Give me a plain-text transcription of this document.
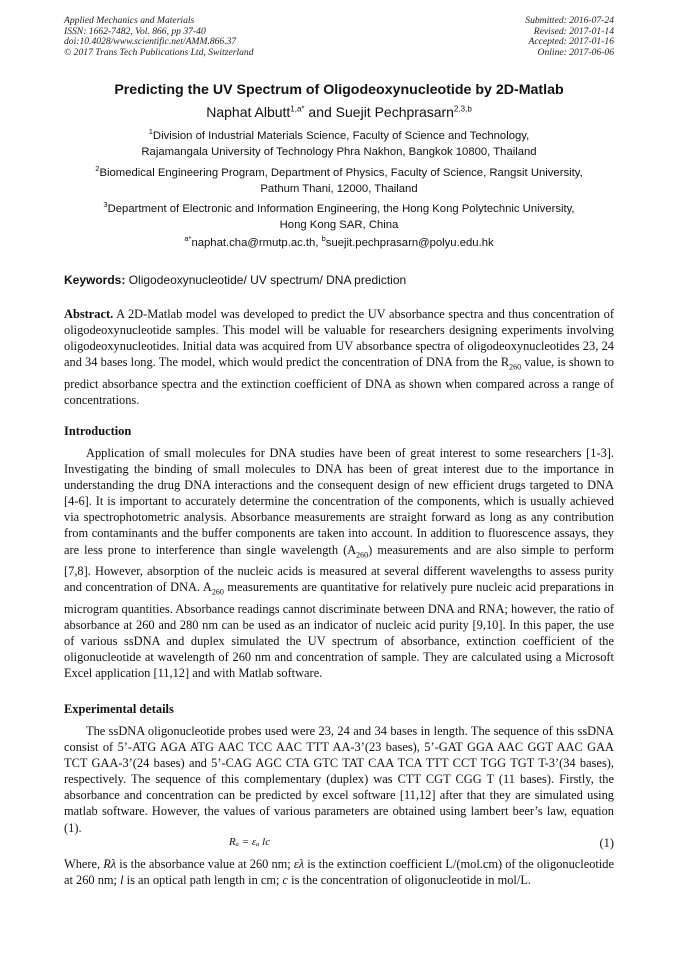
Applied Mechanics and Materials
ISSN: 1662-7482, Vol. 866, pp 37-40
doi:10.4028/www.scientific.net/AMM.866.37
© 2017 Trans Tech Publications Ltd, Switzerland
Submitted: 2016-07-24
Revised: 2017-01-14
Accepted: 2017-01-16
Online: 2017-06-06
Predicting the UV Spectrum of Oligodeoxynucleotide by 2D-Matlab
Naphat Albutt$^{1,a*}$ and Suejit Pechprasarn$^{2,3,b}$
$^1$Division of Industrial Materials Science, Faculty of Science and Technology,
Rajamangala University of Technology Phra Nakhon, Bangkok 10800, Thailand
$^2$Biomedical Engineering Program, Department of Physics, Faculty of Science, Rangsit University,
Pathum Thani, 12000, Thailand
$^3$Department of Electronic and Information Engineering, the Hong Kong Polytechnic University,
Hong Kong SAR, China
$^{a*}$naphat.cha@rmutp.ac.th, $^b$suejit.pechprasarn@polyu.edu.hk
Keywords: Oligodeoxynucleotide/ UV spectrum/ DNA prediction
Abstract. A 2D-Matlab model was developed to predict the UV absorbance spectra and thus concentration of oligodeoxynucleotide samples. This model will be valuable for researchers designing experiments involving oligodeoxynucleotides. Initial data was acquired from UV absorbance spectra of oligodeoxynucleotides 23, 24 and 34 bases long. The model, which would predict the concentration of DNA from the $R_{260}$ value, is shown to predict absorbance spectra and the extinction coefficient of DNA as shown when compared across a range of concentrations.
Introduction
Application of small molecules for DNA studies have been of great interest to some researchers [1-3]. Investigating the binding of small molecules to DNA has been of great interest due to the importance in understanding the drug DNA interactions and the consequent design of new efficient drugs targeted to DNA [4-6]. It is important to accurately determine the concentration of the components, which is usually achieved via spectrophotometric analysis. Absorbance measurements are straight forward as long as any contribution from contaminants and the buffer components are taken into account. In addition to fluorescence assays, they are less prone to interference than single wavelength $(A_{260})$ measurements and are also simple to perform [7,8]. However, absorption of the nucleic acids is measured at several different wavelengths to assess purity and concentration of DNA. $A_{260}$ measurements are quantitative for relatively pure nucleic acid preparations in microgram quantities. Absorbance readings cannot discriminate between DNA and RNA; however, the ratio of absorbance at 260 and 280 nm can be used as an indicator of nucleic acid purity [9,10]. In this paper, the use of various ssDNA and duplex simulated the UV spectrum of absorbance, extinction coefficient of the oligonucleotide at wavelength of 260 nm and concentration of sample. They are calculated using a Microsoft Excel application [11,12] and with Matlab software.
Experimental details
The ssDNA oligonucleotide probes used were 23, 24 and 34 bases in length. The sequence of this ssDNA consist of 5’-ATG AGA ATG AAC TCC AAC TTT AA-3’(23 bases), 5’-GAT GGA AAC GGT AAC GAA TCT GAA-3’(24 bases) and 5’-CAG AGC CTA GTC TAT CAA TCA TTT CCT TGG TGT T-3’(34 bases), respectively. The sequence of this complementary (duplex) was CTT CGT CGG T (11 bases). Firstly, the absorbance and concentration can be predicted by excel software [11,12] after that they are simulated using matlab software. However, the values of various parameters are obtained using lambert beer’s law, equation (1).
Rₐ = εₐ lc	(1)
Where, Rλ is the absorbance value at 260 nm; ελ is the extinction coefficient L/(mol.cm) of the oligonucleotide at 260 nm; l is an optical path length in cm; c is the concentration of oligonucleotide in mol/L.
